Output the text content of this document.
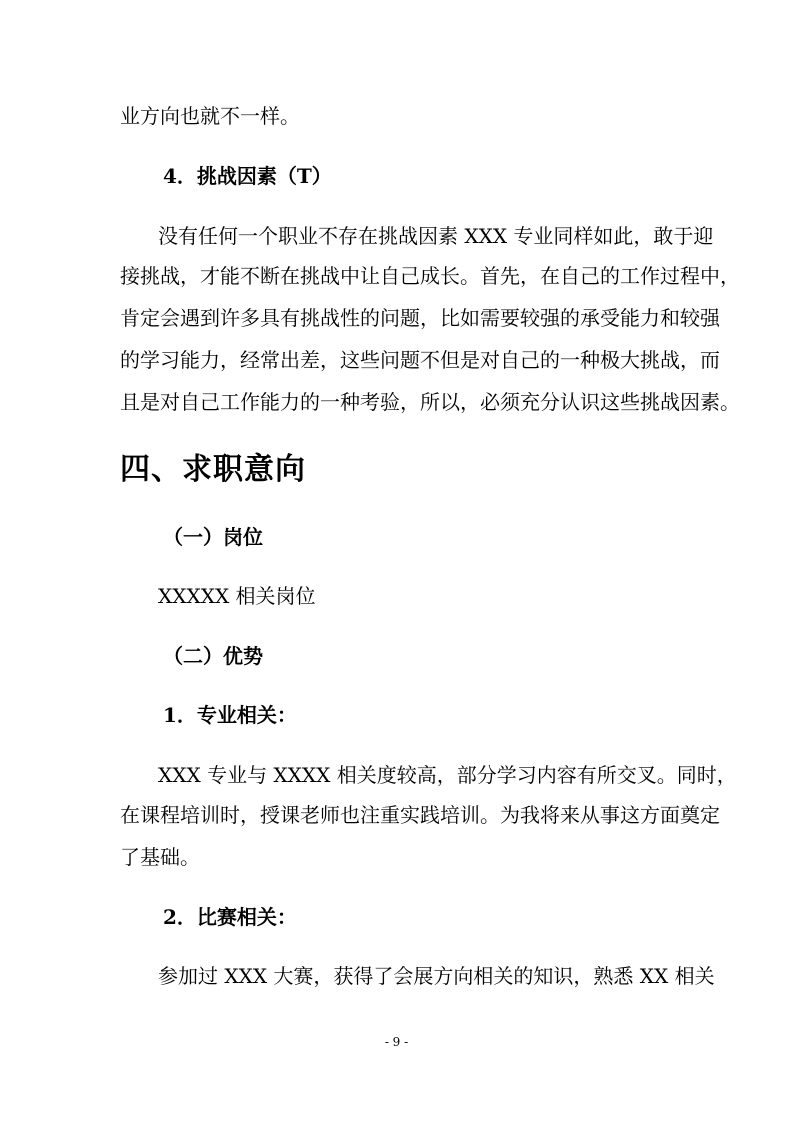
业方向也就不一样。
4．挑战因素（T）
没有任何一个职业不存在挑战因素 XXX 专业同样如此，敢于迎
接挑战，才能不断在挑战中让自己成长。首先，在自己的工作过程中，
肯定会遇到许多具有挑战性的问题，比如需要较强的承受能力和较强
的学习能力，经常出差，这些问题不但是对自己的一种极大挑战，而
且是对自己工作能力的一种考验，所以，必须充分认识这些挑战因素。
四、求职意向
（一）岗位
XXXXX 相关岗位
（二）优势
1．专业相关：
XXX 专业与 XXXX 相关度较高，部分学习内容有所交叉。同时，
在课程培训时，授课老师也注重实践培训。为我将来从事这方面奠定
了基础。
2．比赛相关：
参加过 XXX 大赛，获得了会展方向相关的知识，熟悉 XX 相关
- 9 -
